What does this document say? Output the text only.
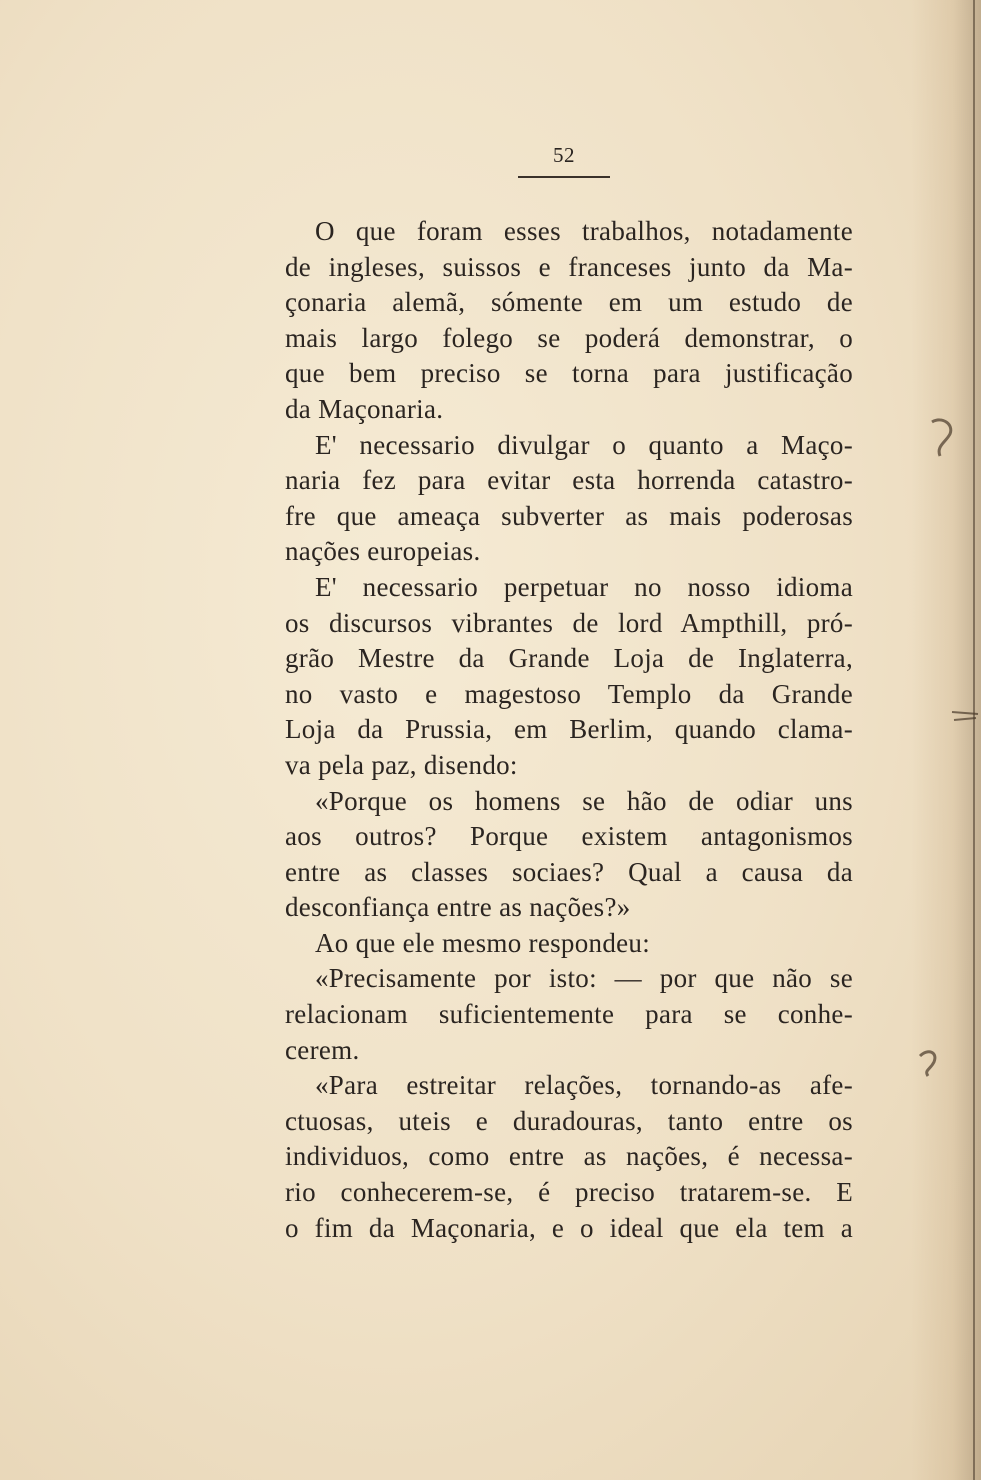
52
O que foram esses trabalhos, notadamente
de ingleses, suissos e franceses junto da Ma-
çonaria alemã, sómente em um estudo de
mais largo folego se poderá demonstrar, o
que bem preciso se torna para justificação
da Maçonaria.
E' necessario divulgar o quanto a Maço-
naria fez para evitar esta horrenda catastro-
fre que ameaça subverter as mais poderosas
nações europeias.
E' necessario perpetuar no nosso idioma
os discursos vibrantes de lord Ampthill, pró-
grão Mestre da Grande Loja de Inglaterra,
no vasto e magestoso Templo da Grande
Loja da Prussia, em Berlim, quando clama-
va pela paz, disendo:
«Porque os homens se hão de odiar uns
aos outros? Porque existem antagonismos
entre as classes sociaes? Qual a causa da
desconfiança entre as nações?»
Ao que ele mesmo respondeu:
«Precisamente por isto: — por que não se
relacionam suficientemente para se conhe-
cerem.
«Para estreitar relações, tornando-as afe-
ctuosas, uteis e duradouras, tanto entre os
individuos, como entre as nações, é necessa-
rio conhecerem-se, é preciso tratarem-se. E
o fim da Maçonaria, e o ideal que ela tem a
